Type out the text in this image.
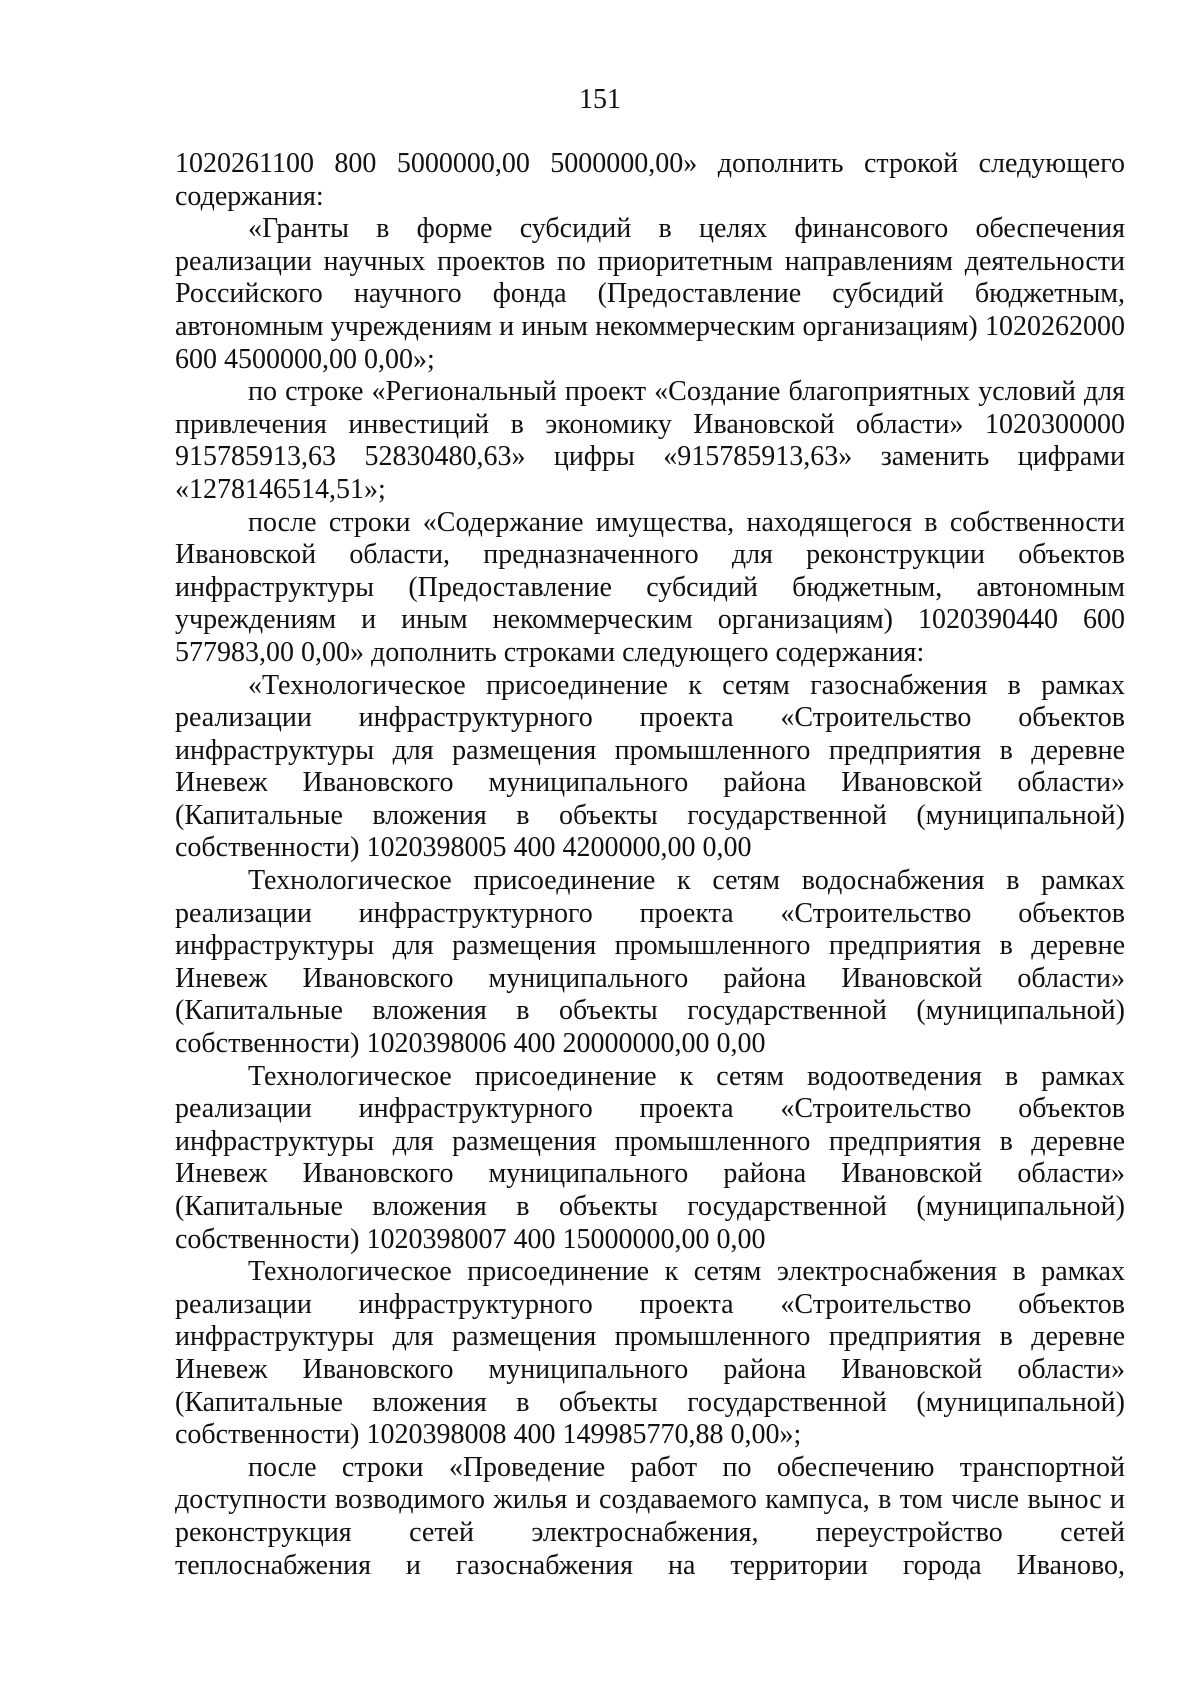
151

1020261100 800 5000000,00 5000000,00» дополнить строкой следующего содержания:

«Гранты в форме субсидий в целях финансового обеспечения реализации научных проектов по приоритетным направлениям деятельности Российского научного фонда (Предоставление субсидий бюджетным, автономным учреждениям и иным некоммерческим организациям) 1020262000 600 4500000,00 0,00»;

по строке «Региональный проект «Создание благоприятных условий для привлечения инвестиций в экономику Ивановской области» 1020300000 915785913,63 52830480,63» цифры «915785913,63» заменить цифрами «1278146514,51»;

после строки «Содержание имущества, находящегося в собственности Ивановской области, предназначенного для реконструкции объектов инфраструктуры (Предоставление субсидий бюджетным, автономным учреждениям и иным некоммерческим организациям) 1020390440 600 577983,00 0,00» дополнить строками следующего содержания:

«Технологическое присоединение к сетям газоснабжения в рамках реализации инфраструктурного проекта «Строительство объектов инфраструктуры для размещения промышленного предприятия в деревне Иневеж Ивановского муниципального района Ивановской области» (Капитальные вложения в объекты государственной (муниципальной) собственности) 1020398005 400 4200000,00 0,00

Технологическое присоединение к сетям водоснабжения в рамках реализации инфраструктурного проекта «Строительство объектов инфраструктуры для размещения промышленного предприятия в деревне Иневеж Ивановского муниципального района Ивановской области» (Капитальные вложения в объекты государственной (муниципальной) собственности) 1020398006 400 20000000,00 0,00

Технологическое присоединение к сетям водоотведения в рамках реализации инфраструктурного проекта «Строительство объектов инфраструктуры для размещения промышленного предприятия в деревне Иневеж Ивановского муниципального района Ивановской области» (Капитальные вложения в объекты государственной (муниципальной) собственности) 1020398007 400 15000000,00 0,00

Технологическое присоединение к сетям электроснабжения в рамках реализации инфраструктурного проекта «Строительство объектов инфраструктуры для размещения промышленного предприятия в деревне Иневеж Ивановского муниципального района Ивановской области» (Капитальные вложения в объекты государственной (муниципальной) собственности) 1020398008 400 149985770,88 0,00»;

после строки «Проведение работ по обеспечению транспортной доступности возводимого жилья и создаваемого кампуса, в том числе вынос и реконструкция сетей электроснабжения, переустройство сетей теплоснабжения и газоснабжения на территории города Иваново,
